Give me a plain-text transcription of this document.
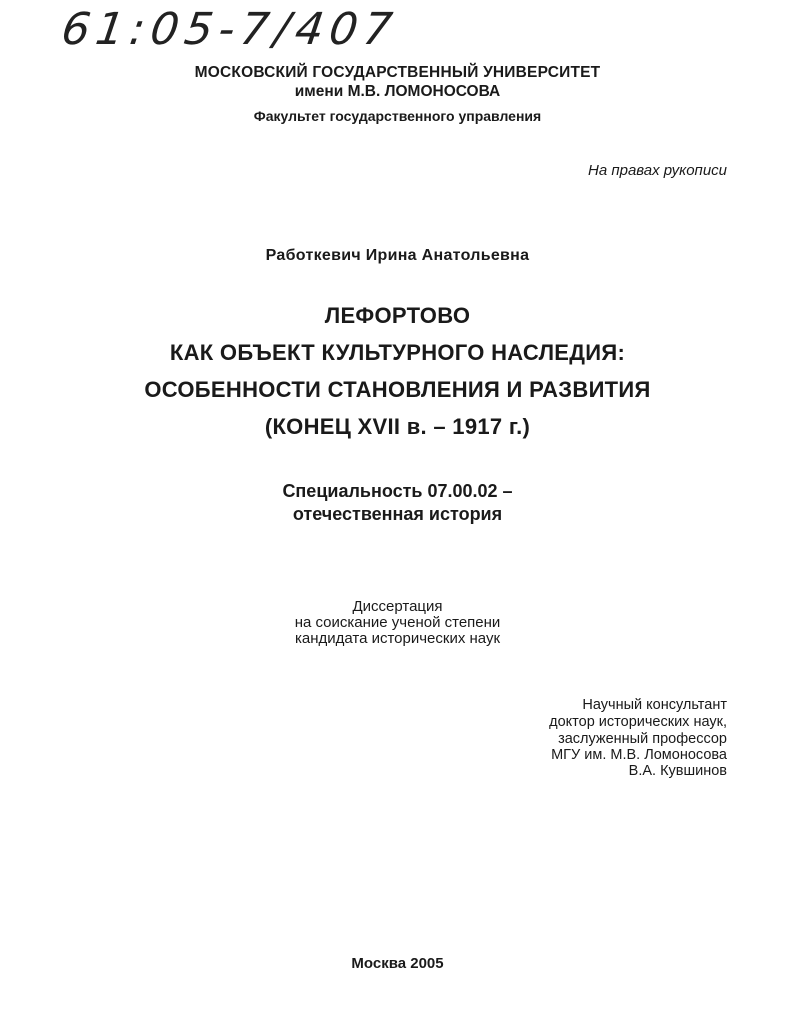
61:05-7/407
МОСКОВСКИЙ ГОСУДАРСТВЕННЫЙ УНИВЕРСИТЕТ
имени М.В. ЛОМОНОСОВА
Факультет государственного управления
На правах рукописи
Работкевич Ирина Анатольевна
ЛЕФОРТОВО
КАК ОБЪЕКТ КУЛЬТУРНОГО НАСЛЕДИЯ:
ОСОБЕННОСТИ СТАНОВЛЕНИЯ И РАЗВИТИЯ
(КОНЕЦ XVII в. – 1917 г.)
Специальность 07.00.02 –
отечественная история
Диссертация
на соискание ученой степени
кандидата исторических наук
Научный консультант
доктор исторических наук,
заслуженный профессор
МГУ им. М.В. Ломоносова
В.А. Кувшинов
Москва 2005
